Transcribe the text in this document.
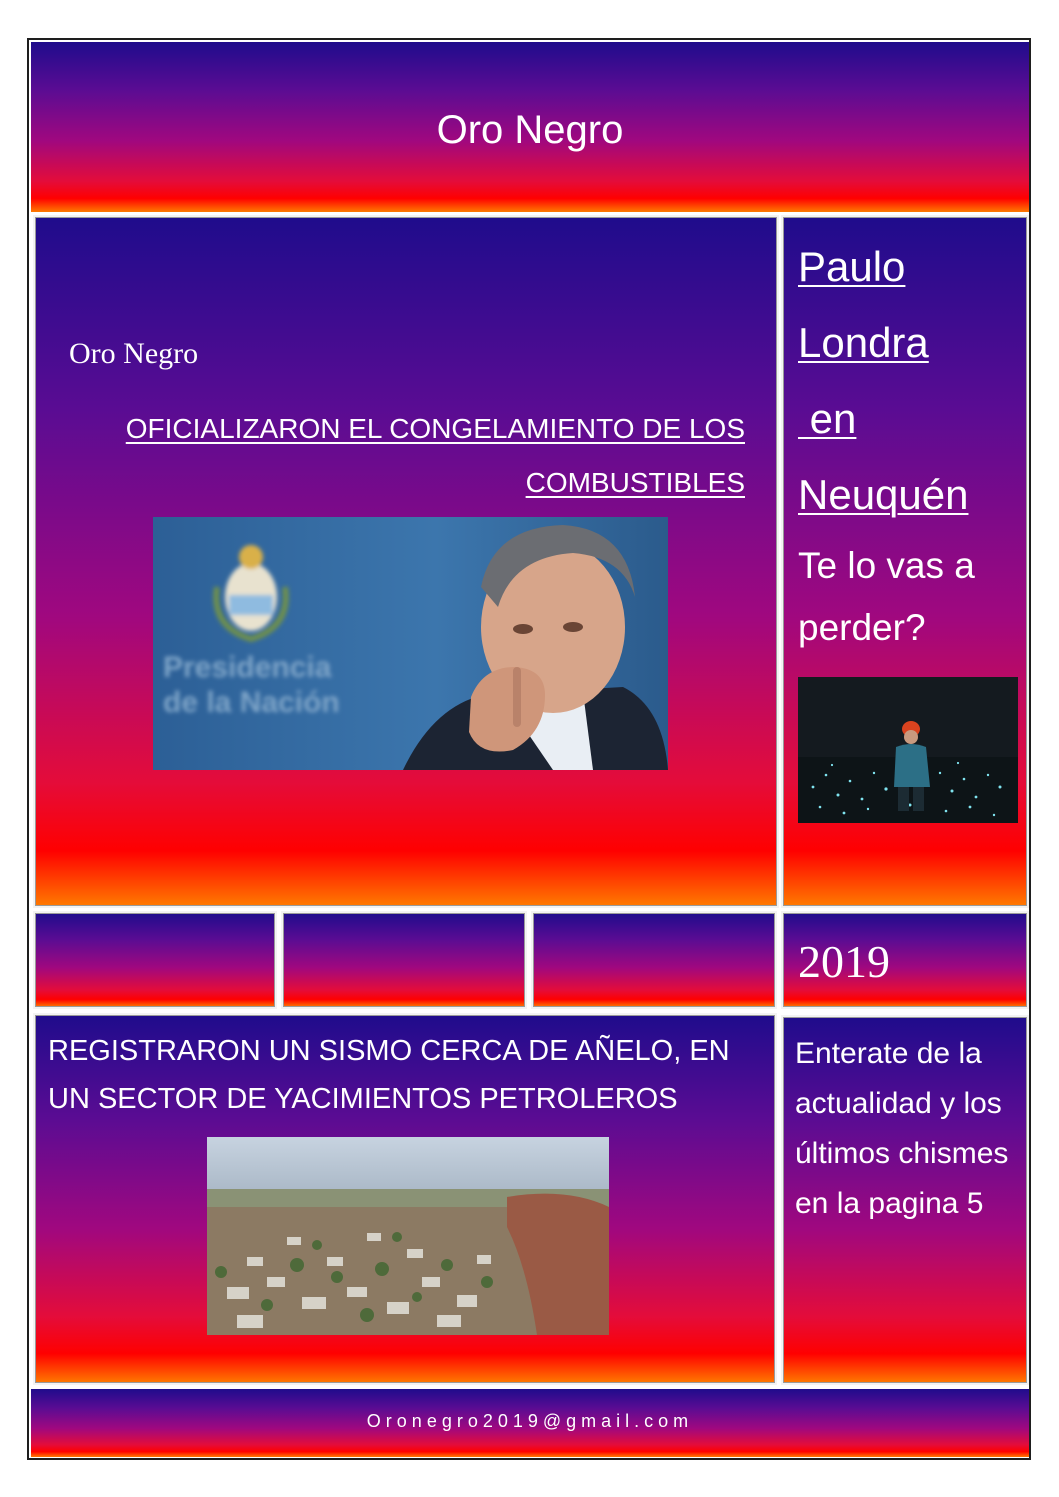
Oro Negro
Oro Negro
OFICIALIZARON EL CONGELAMIENTO DE LOS COMBUSTIBLES
Presidencia
de la Nación
Paulo
Londra
en
Neuquén
Te lo vas a
perder?
2019
REGISTRARON UN SISMO CERCA DE AÑELO, EN UN SECTOR DE YACIMIENTOS PETROLEROS
Enterate de la actualidad y los últimos chismes en la pagina 5
Oronegro2019@gmail.com
